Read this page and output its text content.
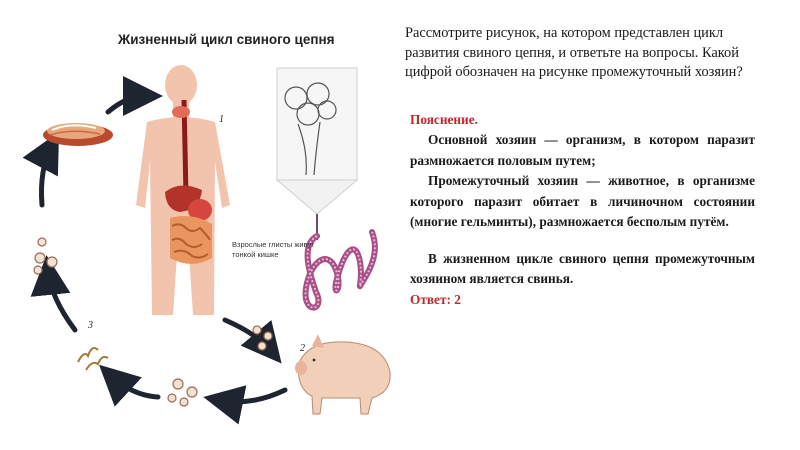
Жизненный цикл свиного цепня
1
2
3
Взрослые глисты живут тонкой кишке

Рассмотрите рисунок, на котором представлен цикл развития свиного цепня, и ответьте на вопросы. Какой цифрой обозначен на рисунке промежуточный хозяин?

Пояснение.

Основной хозяин — организм, в котором паразит размножается половым путем;

Промежуточный хозяин — животное, в организме которого паразит обитает в личиночном состоянии (многие гельминты), размножается бесполым путём.

В жизненном цикле свиного цепня промежуточным хозяином является свинья.

Ответ: 2
